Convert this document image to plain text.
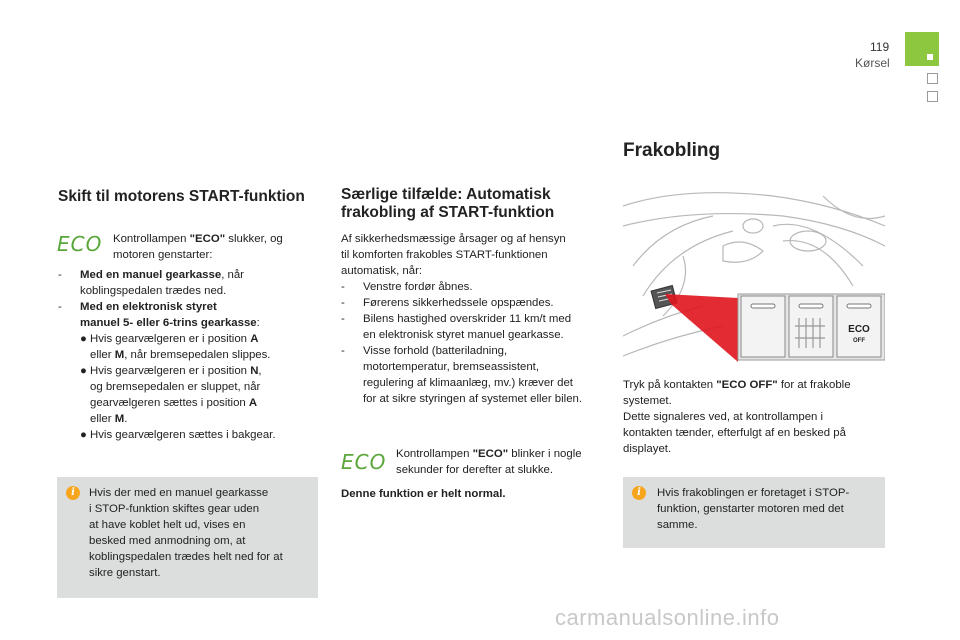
119
Kørsel
Skift til motorens START-funktion
ECO Kontrollampen "ECO" slukker, og
motoren genstarter:
- Med en manuel gearkasse, når
koblingspedalen trædes ned.
- Med en elektronisk styret
manuel 5- eller 6-trins gearkasse:
● Hvis gearvælgeren er i position A
eller M, når bremsepedalen slippes.
● Hvis gearvælgeren er i position N,
og bremsepedalen er sluppet, når
gearvælgeren sættes i position A
eller M.
● Hvis gearvælgeren sættes i bakgear.
i	Hvis der med en manuel gearkasse
i STOP-funktion skiftes gear uden
at have koblet helt ud, vises en
besked med anmodning om, at
koblingspedalen trædes helt ned for at
sikre genstart.
Særlige tilfælde: Automatisk
frakobling af START-funktion
Af sikkerhedsmæssige årsager og af hensyn
til komforten frakobles START-funktionen
automatisk, når:
- Venstre fordør åbnes.
- Førerens sikkerhedssele opspændes.
- Bilens hastighed overskrider 11 km/t med
en elektronisk styret manuel gearkasse.
- Visse forhold (batteriladning,
motortemperatur, bremseassistent,
regulering af klimaanlæg, mv.) kræver det
for at sikre styringen af systemet eller bilen.
ECO Kontrollampen "ECO" blinker i nogle
sekunder for derefter at slukke.
Denne funktion er helt normal.
Frakobling
ECO
OFF
Tryk på kontakten "ECO OFF" for at frakoble
systemet.
Dette signaleres ved, at kontrollampen i
kontakten tænder, efterfulgt af en besked på
displayet.
i	Hvis frakoblingen er foretaget i STOP-
funktion, genstarter motoren med det
samme.
carmanualsonline.info
